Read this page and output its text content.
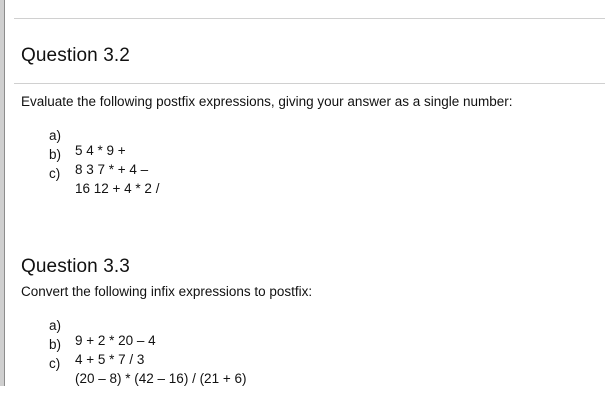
Question 3.2
Evaluate the following postfix expressions, giving your answer as a single number:

a)

5 4 * 9 +

b)

8 3 7 * + 4 –

c)

16 12 + 4 * 2 /

Question 3.3
Convert the following infix expressions to postfix:

a)

9 + 2 * 20 – 4

b)

4 + 5 * 7 / 3

c)

(20 – 8) * (42 – 16) / (21 + 6)
